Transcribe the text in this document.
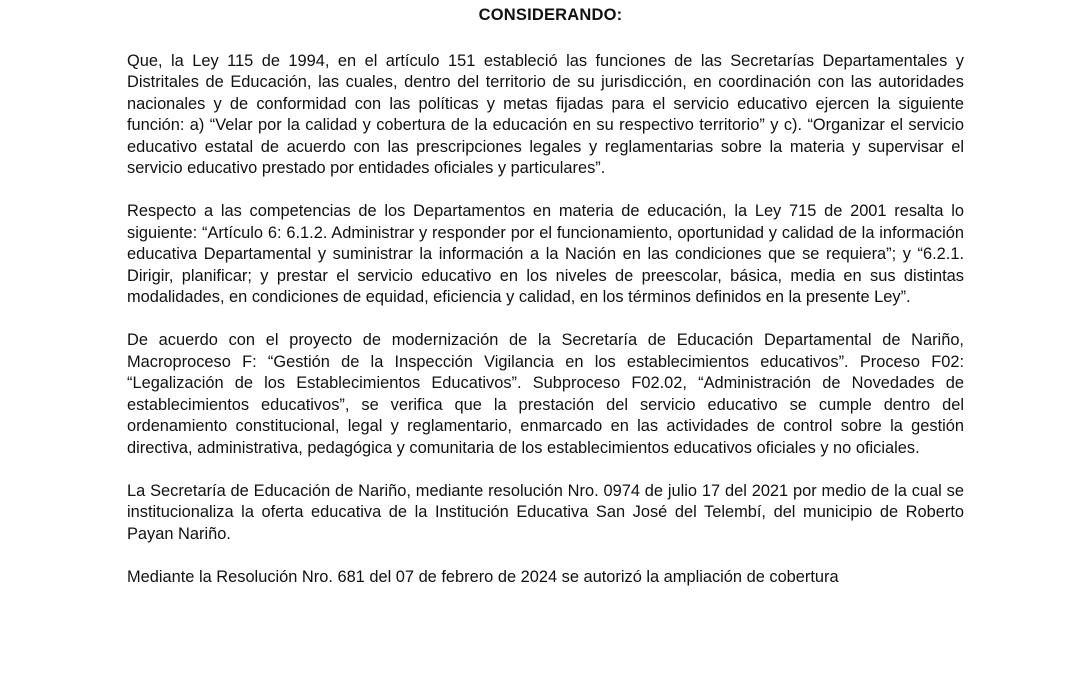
CONSIDERANDO:

Que, la Ley 115 de 1994, en el artículo 151 estableció las funciones de las Secretarías Departamentales y Distritales de Educación, las cuales, dentro del territorio de su jurisdicción, en coordinación con las autoridades nacionales y de conformidad con las políticas y metas fijadas para el servicio educativo ejercen la siguiente función: a) “Velar por la calidad y cobertura de la educación en su respectivo territorio” y c). “Organizar el servicio educativo estatal de acuerdo con las prescripciones legales y reglamentarias sobre la materia y supervisar el servicio educativo prestado por entidades oficiales y particulares”.

Respecto a las competencias de los Departamentos en materia de educación, la Ley 715 de 2001 resalta lo siguiente: “Artículo 6: 6.1.2. Administrar y responder por el funcionamiento, oportunidad y calidad de la información educativa Departamental y suministrar la información a la Nación en las condiciones que se requiera”; y “6.2.1. Dirigir, planificar; y prestar el servicio educativo en los niveles de preescolar, básica, media en sus distintas modalidades, en condiciones de equidad, eficiencia y calidad, en los términos definidos en la presente Ley”.

De acuerdo con el proyecto de modernización de la Secretaría de Educación Departamental de Nariño, Macroproceso F: “Gestión de la Inspección Vigilancia en los establecimientos educativos”. Proceso F02: “Legalización de los Establecimientos Educativos”. Subproceso F02.02, “Administración de Novedades de establecimientos educativos”, se verifica que la prestación del servicio educativo se cumple dentro del ordenamiento constitucional, legal y reglamentario, enmarcado en las actividades de control sobre la gestión directiva, administrativa, pedagógica y comunitaria de los establecimientos educativos oficiales y no oficiales.

La Secretaría de Educación de Nariño, mediante resolución Nro. 0974 de julio 17 del 2021 por medio de la cual se institucionaliza la oferta educativa de la Institución Educativa San José del Telembí, del municipio de Roberto Payan Nariño.

Mediante la Resolución Nro. 681 del 07 de febrero de 2024 se autorizó la ampliación de cobertura
